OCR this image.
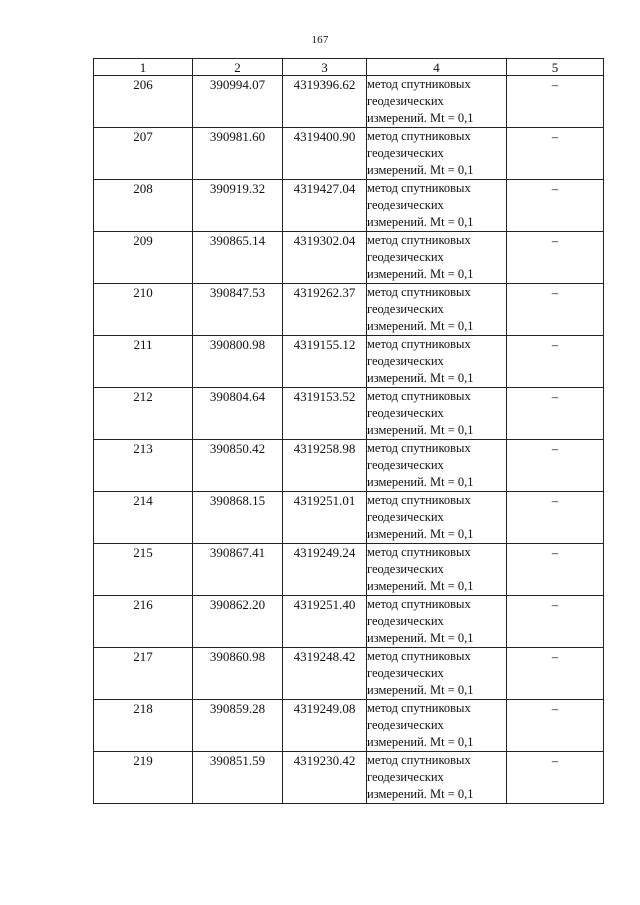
167
1	2	3	4	5
206	390994.07	4319396.62	метод спутниковых
геодезических
измерений. Mt = 0,1	–
207	390981.60	4319400.90	метод спутниковых
геодезических
измерений. Mt = 0,1	–
208	390919.32	4319427.04	метод спутниковых
геодезических
измерений. Mt = 0,1	–
209	390865.14	4319302.04	метод спутниковых
геодезических
измерений. Mt = 0,1	–
210	390847.53	4319262.37	метод спутниковых
геодезических
измерений. Mt = 0,1	–
211	390800.98	4319155.12	метод спутниковых
геодезических
измерений. Mt = 0,1	–
212	390804.64	4319153.52	метод спутниковых
геодезических
измерений. Mt = 0,1	–
213	390850.42	4319258.98	метод спутниковых
геодезических
измерений. Mt = 0,1	–
214	390868.15	4319251.01	метод спутниковых
геодезических
измерений. Mt = 0,1	–
215	390867.41	4319249.24	метод спутниковых
геодезических
измерений. Mt = 0,1	–
216	390862.20	4319251.40	метод спутниковых
геодезических
измерений. Mt = 0,1	–
217	390860.98	4319248.42	метод спутниковых
геодезических
измерений. Mt = 0,1	–
218	390859.28	4319249.08	метод спутниковых
геодезических
измерений. Mt = 0,1	–
219	390851.59	4319230.42	метод спутниковых
геодезических
измерений. Mt = 0,1	–
